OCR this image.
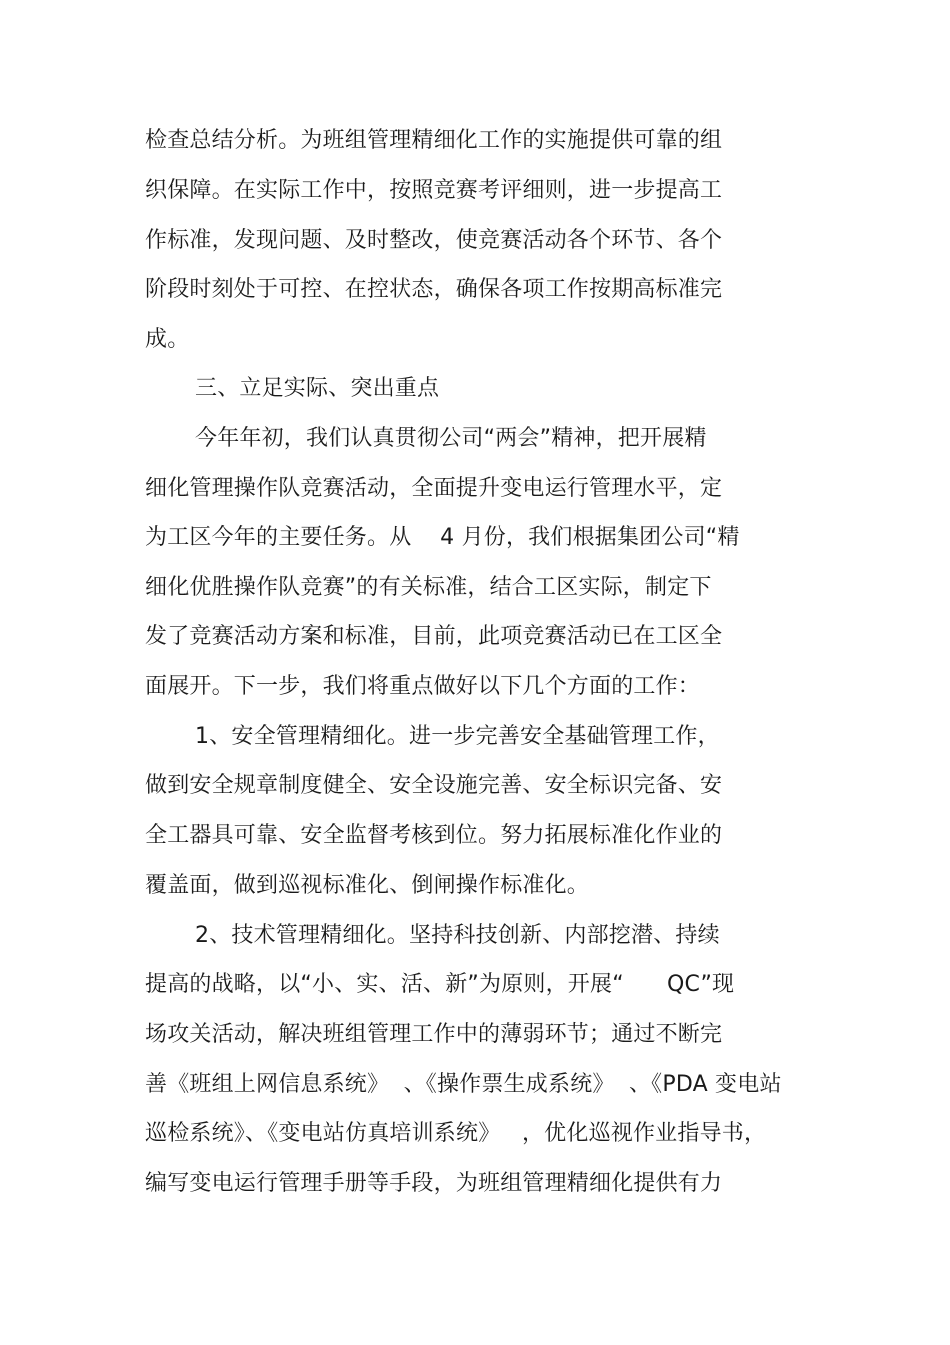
检查总结分析。为班组管理精细化工作的实施提供可靠的组
织保障。在实际工作中，按照竞赛考评细则，进一步提高工
作标准，发现问题、及时整改，使竞赛活动各个环节、各个
阶段时刻处于可控、在控状态，确保各项工作按期高标准完
成。
三、立足实际、突出重点
今年年初，我们认真贯彻公司“两会”精神，把开展精
细化管理操作队竞赛活动，全面提升变电运行管理水平，定
为工区今年的主要任务。从    4 月份，我们根据集团公司“精
细化优胜操作队竞赛”的有关标准，结合工区实际，制定下
发了竞赛活动方案和标准，目前，此项竞赛活动已在工区全
面展开。下一步，我们将重点做好以下几个方面的工作：
1、安全管理精细化。进一步完善安全基础管理工作，
做到安全规章制度健全、安全设施完善、安全标识完备、安
全工器具可靠、安全监督考核到位。努力拓展标准化作业的
覆盖面，做到巡视标准化、倒闸操作标准化。
2、技术管理精细化。坚持科技创新、内部挖潜、持续
提高的战略，以“小、实、活、新”为原则，开展“      QC”现
场攻关活动，解决班组管理工作中的薄弱环节；通过不断完
善《班组上网信息系统》  、《操作票生成系统》  、《PDA 变电站
巡检系统》、《变电站仿真培训系统》   ，优化巡视作业指导书，
编写变电运行管理手册等手段，为班组管理精细化提供有力
